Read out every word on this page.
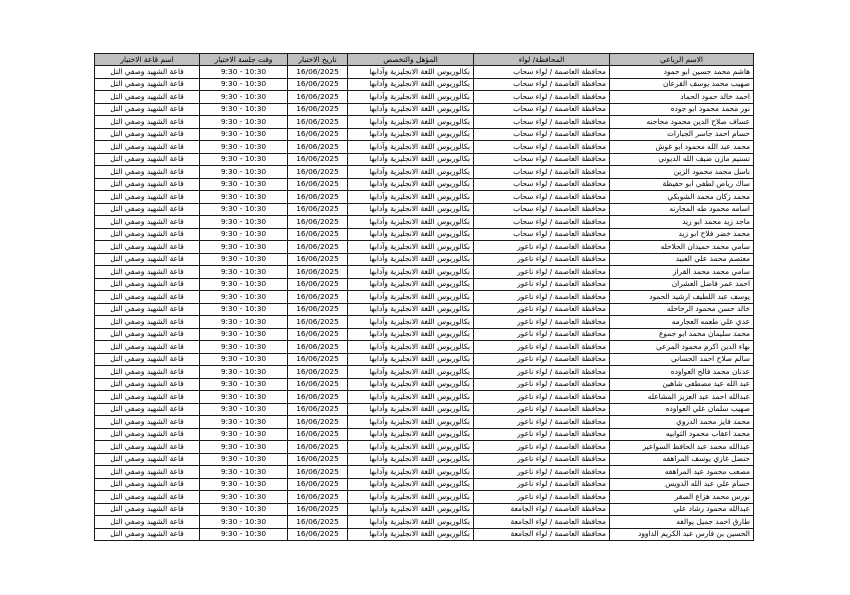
الاسم الرباعي	المحافظة/ لواء	المؤهل والتخصص	تاريخ الاختبار	وقت جلسة الاختبار	اسم قاعة الاختبار
هاشم محمد حسين ابو حمود	محافظة العاصمة / لواء سحاب	بكالوريوس اللغة الانجليزية وآدابها	16/06/2025	9:30 - 10:30	قاعة الشهيد وصفي التل
صهيب محمد يوسف القرعان	محافظة العاصمة / لواء سحاب	بكالوريوس اللغة الانجليزية وآدابها	16/06/2025	9:30 - 10:30	قاعة الشهيد وصفي التل
احمد خالد حمود الحماد	محافظة العاصمة / لواء سحاب	بكالوريوس اللغة الانجليزية وآدابها	16/06/2025	9:30 - 10:30	قاعة الشهيد وصفي التل
نور محمد محمود ابو جوده	محافظة العاصمة / لواء سحاب	بكالوريوس اللغة الانجليزية وآدابها	16/06/2025	9:30 - 10:30	قاعة الشهيد وصفي التل
عساف صلاح الدين محمود محاجنه	محافظة العاصمة / لواء سحاب	بكالوريوس اللغة الانجليزية وآدابها	16/06/2025	9:30 - 10:30	قاعة الشهيد وصفي التل
حسام احمد جاسر الجبارات	محافظة العاصمة / لواء سحاب	بكالوريوس اللغة الانجليزية وآدابها	16/06/2025	9:30 - 10:30	قاعة الشهيد وصفي التل
محمد عبد الله محمود ابو غوش	محافظة العاصمة / لواء سحاب	بكالوريوس اللغة الانجليزية وآدابها	16/06/2025	9:30 - 10:30	قاعة الشهيد وصفي التل
تسنيم مازن ضيف الله الدبوني	محافظة العاصمة / لواء سحاب	بكالوريوس اللغة الانجليزية وآدابها	16/06/2025	9:30 - 10:30	قاعة الشهيد وصفي التل
باسل محمد محمود الزين	محافظة العاصمة / لواء سحاب	بكالوريوس اللغة الانجليزية وآدابها	16/06/2025	9:30 - 10:30	قاعة الشهيد وصفي التل
ساك رياض لطفي ابو حفيظة	محافظة العاصمة / لواء سحاب	بكالوريوس اللغة الانجليزية وآدابها	16/06/2025	9:30 - 10:30	قاعة الشهيد وصفي التل
محمد زكان محمد الشوبكي	محافظة العاصمة / لواء سحاب	بكالوريوس اللغة الانجليزية وآدابها	16/06/2025	9:30 - 10:30	قاعة الشهيد وصفي التل
اسامه محمود طه المجارنه	محافظة العاصمة / لواء سحاب	بكالوريوس اللغة الانجليزية وآدابها	16/06/2025	9:30 - 10:30	قاعة الشهيد وصفي التل
ماجد زيد محمد ابو زيد	محافظة العاصمة / لواء سحاب	بكالوريوس اللغة الانجليزية وآدابها	16/06/2025	9:30 - 10:30	قاعة الشهيد وصفي التل
محمد خضر فلاح ابو زيد	محافظة العاصمة / لواء سحاب	بكالوريوس اللغة الانجليزية وآدابها	16/06/2025	9:30 - 10:30	قاعة الشهيد وصفي التل
سامي محمد حميدان الحلاحله	محافظة العاصمة / لواء ناعور	بكالوريوس اللغة الانجليزية وآدابها	16/06/2025	9:30 - 10:30	قاعة الشهيد وصفي التل
معتصم محمد علي العبيد	محافظة العاصمة / لواء ناعور	بكالوريوس اللغة الانجليزية وآدابها	16/06/2025	9:30 - 10:30	قاعة الشهيد وصفي التل
سامي محمد محمد القراز	محافظة العاصمة / لواء ناعور	بكالوريوس اللغة الانجليزية وآدابها	16/06/2025	9:30 - 10:30	قاعة الشهيد وصفي التل
احمد عمر فاضل العشران	محافظة العاصمة / لواء ناعور	بكالوريوس اللغة الانجليزية وآدابها	16/06/2025	9:30 - 10:30	قاعة الشهيد وصفي التل
يوسف عبد اللطيف ارشيد الحمود	محافظة العاصمة / لواء ناعور	بكالوريوس اللغة الانجليزية وآدابها	16/06/2025	9:30 - 10:30	قاعة الشهيد وصفي التل
خالد حسن محمود الرحاحله	محافظة العاصمة / لواء ناعور	بكالوريوس اللغة الانجليزية وآدابها	16/06/2025	9:30 - 10:30	قاعة الشهيد وصفي التل
عدي علي طعمه العجارمه	محافظة العاصمة / لواء ناعور	بكالوريوس اللغة الانجليزية وآدابها	16/06/2025	9:30 - 10:30	قاعة الشهيد وصفي التل
محمد سليمان محمد ابو جموع	محافظة العاصمة / لواء ناعور	بكالوريوس اللغة الانجليزية وآدابها	16/06/2025	9:30 - 10:30	قاعة الشهيد وصفي التل
بهاء الدين اكرم محمود المرعي	محافظة العاصمة / لواء ناعور	بكالوريوس اللغة الانجليزية وآدابها	16/06/2025	9:30 - 10:30	قاعة الشهيد وصفي التل
سالم صلاح احمد الحساني	محافظة العاصمة / لواء ناعور	بكالوريوس اللغة الانجليزية وآدابها	16/06/2025	9:30 - 10:30	قاعة الشهيد وصفي التل
عدنان محمد فالح العواوده	محافظة العاصمة / لواء ناعور	بكالوريوس اللغة الانجليزية وآدابها	16/06/2025	9:30 - 10:30	قاعة الشهيد وصفي التل
عبد الله عيد مصطفى شاهين	محافظة العاصمة / لواء ناعور	بكالوريوس اللغة الانجليزية وآدابها	16/06/2025	9:30 - 10:30	قاعة الشهيد وصفي التل
عبدالله احمد عبد العزيز المشاعله	محافظة العاصمة / لواء ناعور	بكالوريوس اللغة الانجليزية وآدابها	16/06/2025	9:30 - 10:30	قاعة الشهيد وصفي التل
صهيب سلمان علي العواوده	محافظة العاصمة / لواء ناعور	بكالوريوس اللغة الانجليزية وآدابها	16/06/2025	9:30 - 10:30	قاعة الشهيد وصفي التل
محمد فايز محمد الدزوي	محافظة العاصمة / لواء ناعور	بكالوريوس اللغة الانجليزية وآدابها	16/06/2025	9:30 - 10:30	قاعة الشهيد وصفي التل
محمد اعقاب محمود الثوابيه	محافظة العاصمة / لواء ناعور	بكالوريوس اللغة الانجليزية وآدابها	16/06/2025	9:30 - 10:30	قاعة الشهيد وصفي التل
عبدالله محمد عبد الحافظ السواعير	محافظة العاصمة / لواء ناعور	بكالوريوس اللغة الانجليزية وآدابها	16/06/2025	9:30 - 10:30	قاعة الشهيد وصفي التل
حنضل غازي يوسف المراهفه	محافظة العاصمة / لواء ناعور	بكالوريوس اللغة الانجليزية وآدابها	16/06/2025	9:30 - 10:30	قاعة الشهيد وصفي التل
مصعب محمود عيد المراهفه	محافظة العاصمة / لواء ناعور	بكالوريوس اللغة الانجليزية وآدابها	16/06/2025	9:30 - 10:30	قاعة الشهيد وصفي التل
حسام علي عبد الله الدويس	محافظة العاصمة / لواء ناعور	بكالوريوس اللغة الانجليزية وآدابها	16/06/2025	9:30 - 10:30	قاعة الشهيد وصفي التل
نورس محمد هزاع الصقر	محافظة العاصمة / لواء ناعور	بكالوريوس اللغة الانجليزية وآدابها	16/06/2025	9:30 - 10:30	قاعة الشهيد وصفي التل
عبدالله محمود رشاد علي	محافظة العاصمة / لواء الجامعة	بكالوريوس اللغة الانجليزية وآدابها	16/06/2025	9:30 - 10:30	قاعة الشهيد وصفي التل
طارق احمد جميل يوالفه	محافظة العاصمة / لواء الجامعة	بكالوريوس اللغة الانجليزية وآدابها	16/06/2025	9:30 - 10:30	قاعة الشهيد وصفي التل
الحسين بن فارس عبد الكريم الداوود	محافظة العاصمة / لواء الجامعة	بكالوريوس اللغة الانجليزية وآدابها	16/06/2025	9:30 - 10:30	قاعة الشهيد وصفي التل
